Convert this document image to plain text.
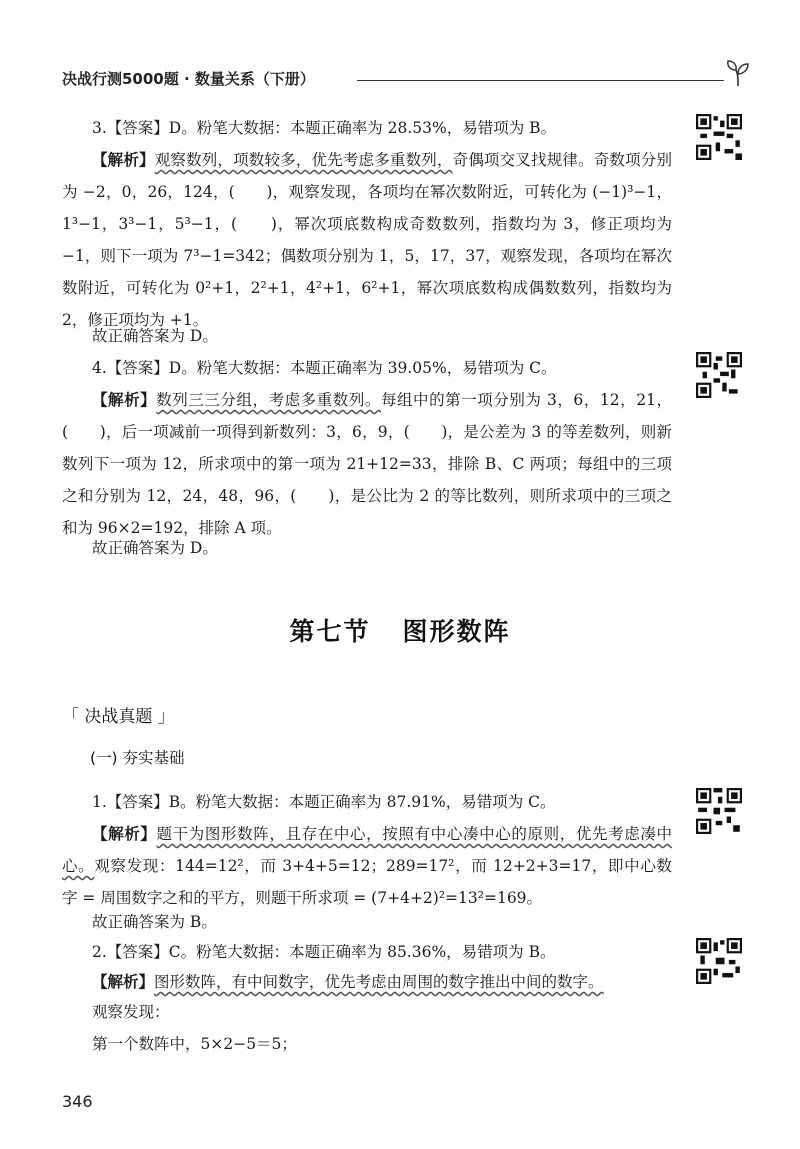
决战行测5000题 · 数量关系（下册）
3.【答案】D。粉笔大数据：本题正确率为 28.53%，易错项为 B。
【解析】观察数列，项数较多，优先考虑多重数列，奇偶项交叉找规律。奇数项分别为 −2，0，26，124，(　　)，观察发现，各项均在幂次数附近，可转化为 (−1)³−1，1³−1，3³−1，5³−1，(　　)，幂次项底数构成奇数数列，指数均为 3，修正项均为 −1，则下一项为 7³−1=342；偶数项分别为 1，5，17，37，观察发现，各项均在幂次数附近，可转化为 0²+1，2²+1，4²+1，6²+1，幂次项底数构成偶数数列，指数均为 2，修正项均为 +1。
故正确答案为 D。
4.【答案】D。粉笔大数据：本题正确率为 39.05%，易错项为 C。
【解析】数列三三分组，考虑多重数列。每组中的第一项分别为 3，6，12，21，(　　)，后一项减前一项得到新数列：3，6，9，(　　)，是公差为 3 的等差数列，则新数列下一项为 12，所求项中的第一项为 21+12=33，排除 B、C 两项；每组中的三项之和分别为 12，24，48，96，(　　)，是公比为 2 的等比数列，则所求项中的三项之和为 96×2=192，排除 A 项。
故正确答案为 D。
第七节 图形数阵
「 决战真题 」
(一) 夯实基础
1.【答案】B。粉笔大数据：本题正确率为 87.91%，易错项为 C。
【解析】题干为图形数阵，且存在中心，按照有中心凑中心的原则，优先考虑凑中心。观察发现：144=12²，而 3+4+5=12；289=17²，而 12+2+3=17，即中心数字 = 周围数字之和的平方，则题干所求项 = (7+4+2)²=13²=169。
故正确答案为 B。
2.【答案】C。粉笔大数据：本题正确率为 85.36%，易错项为 B。
【解析】图形数阵，有中间数字，优先考虑由周围的数字推出中间的数字。
观察发现：
第一个数阵中，5×2−5＝5；
346
